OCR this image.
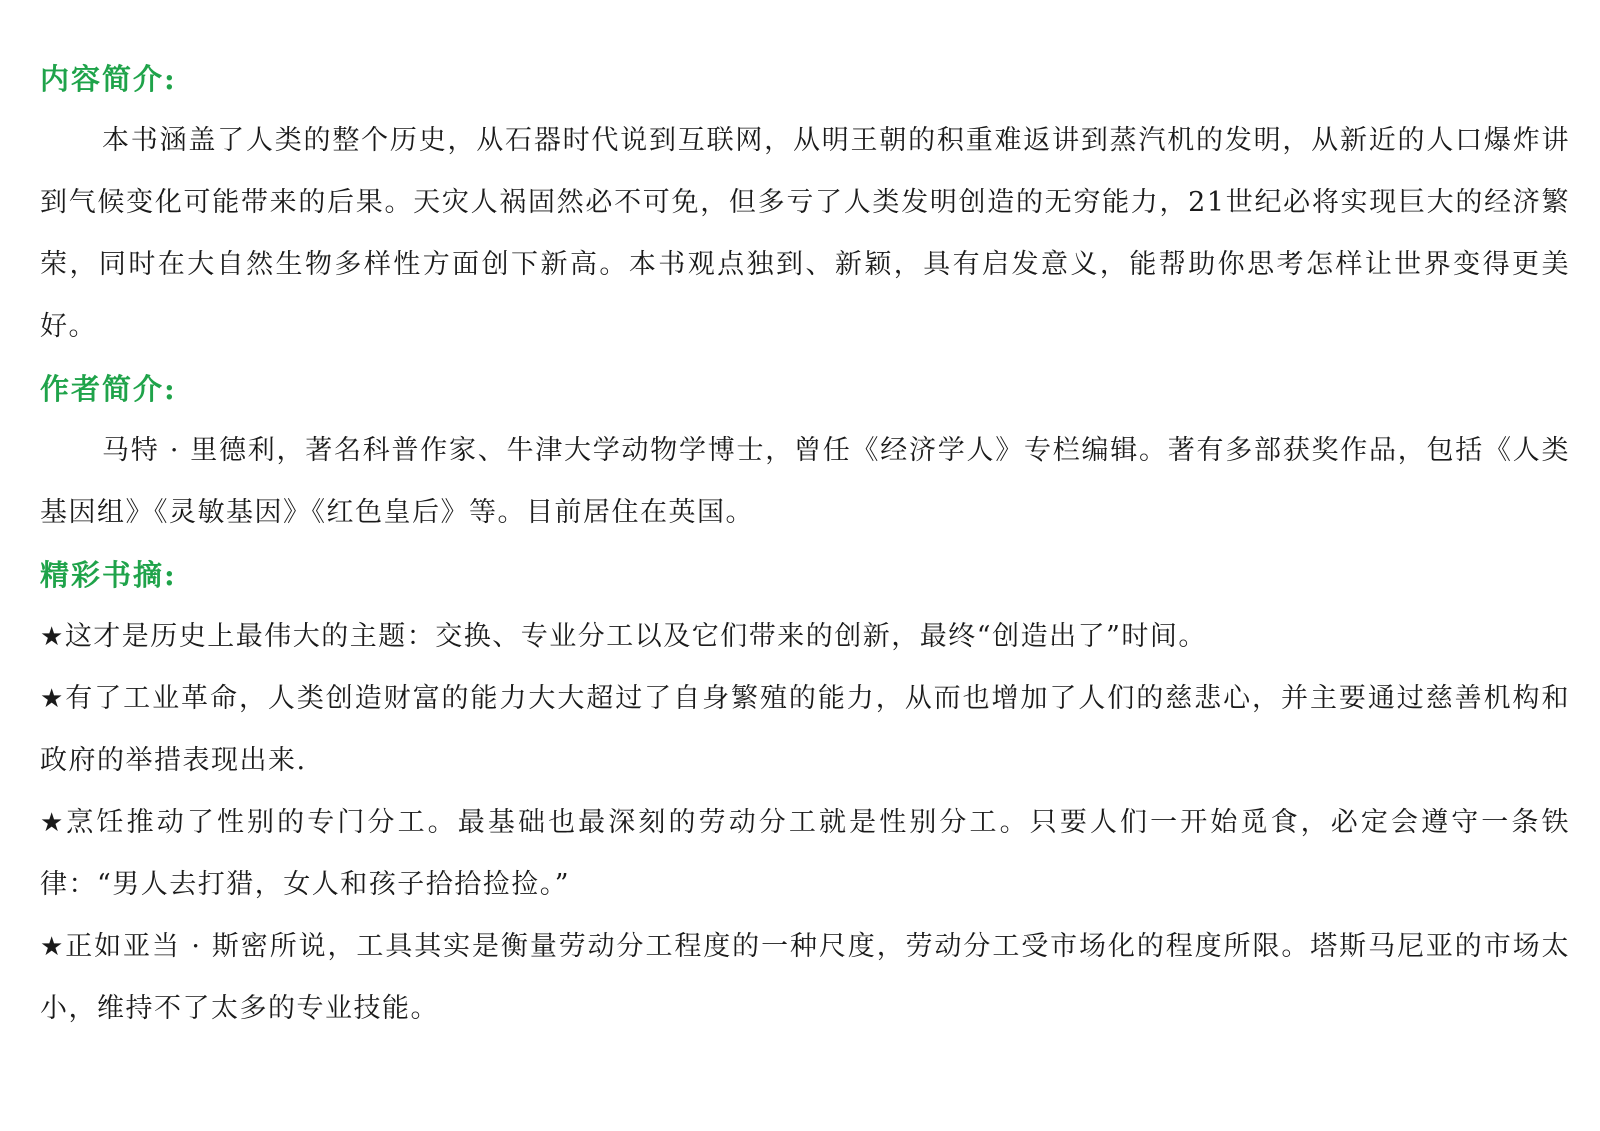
内容简介:

本书涵盖了人类的整个历史，从石器时代说到互联网，从明王朝的积重难返讲到蒸汽机的发明，从新近的人口爆炸讲到气候变化可能带来的后果。天灾人祸固然必不可免，但多亏了人类发明创造的无穷能力，21世纪必将实现巨大的经济繁荣，同时在大自然生物多样性方面创下新高。本书观点独到、新颖，具有启发意义，能帮助你思考怎样让世界变得更美好。

作者简介:

马特 · 里德利，著名科普作家、牛津大学动物学博士，曾任《经济学人》专栏编辑。著有多部获奖作品，包括《人类基因组》《灵敏基因》《红色皇后》等。目前居住在英国。

精彩书摘:

★这才是历史上最伟大的主题：交换、专业分工以及它们带来的创新，最终“创造出了”时间。

★有了工业革命，人类创造财富的能力大大超过了自身繁殖的能力，从而也增加了人们的慈悲心，并主要通过慈善机构和政府的举措表现出来.

★烹饪推动了性别的专门分工。最基础也最深刻的劳动分工就是性别分工。只要人们一开始觅食，必定会遵守一条铁律：“男人去打猎，女人和孩子拾拾捡捡。”

★正如亚当 · 斯密所说，工具其实是衡量劳动分工程度的一种尺度，劳动分工受市场化的程度所限。塔斯马尼亚的市场太小，维持不了太多的专业技能。
